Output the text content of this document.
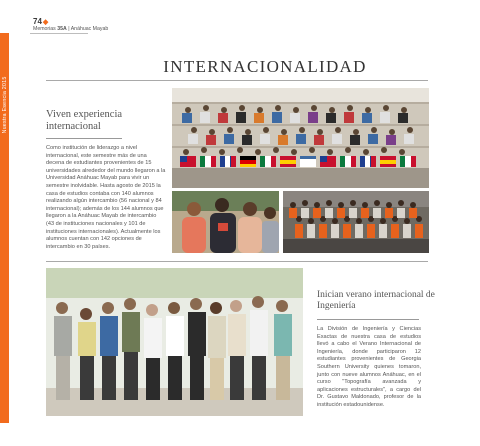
74◆
Memorias 35A | Anáhuac Mayab
Nuestra Esencia 2015
INTERNACIONALIDAD
Viven experiencia internacional
Como institución de liderazgo a nivel internacional, este semestre más de una decena de estudiantes provenientes de 15 universidades alrededor del mundo llegaron a la Universidad Anáhuac Mayab para vivir un semestre inolvidable. Hasta agosto de 2015 la casa de estudios contaba con 140 alumnos realizando algún intercambio (56 nacional y 84 internacional); además de los 144 alumnos que llegaron a la Anáhuac Mayab de intercambio (43 de instituciones nacionales y 101 de instituciones internacionales). Actualmente los alumnos cuentan con 142 opciones de intercambio en 30 países.
Inician verano internacional de Ingeniería
La División de Ingeniería y Ciencias Exactas de nuestra casa de estudios llevó a cabo el Verano Internacional de Ingeniería, donde participaron 12 estudiantes provenientes de Georgia Southern University quienes tomaron, junto con nueve alumnos Anáhuac, en el curso "Topografía avanzada y aplicaciones estructurales", a cargo del Dr. Gustavo Maldonado, profesor de la institución estadounidense.
